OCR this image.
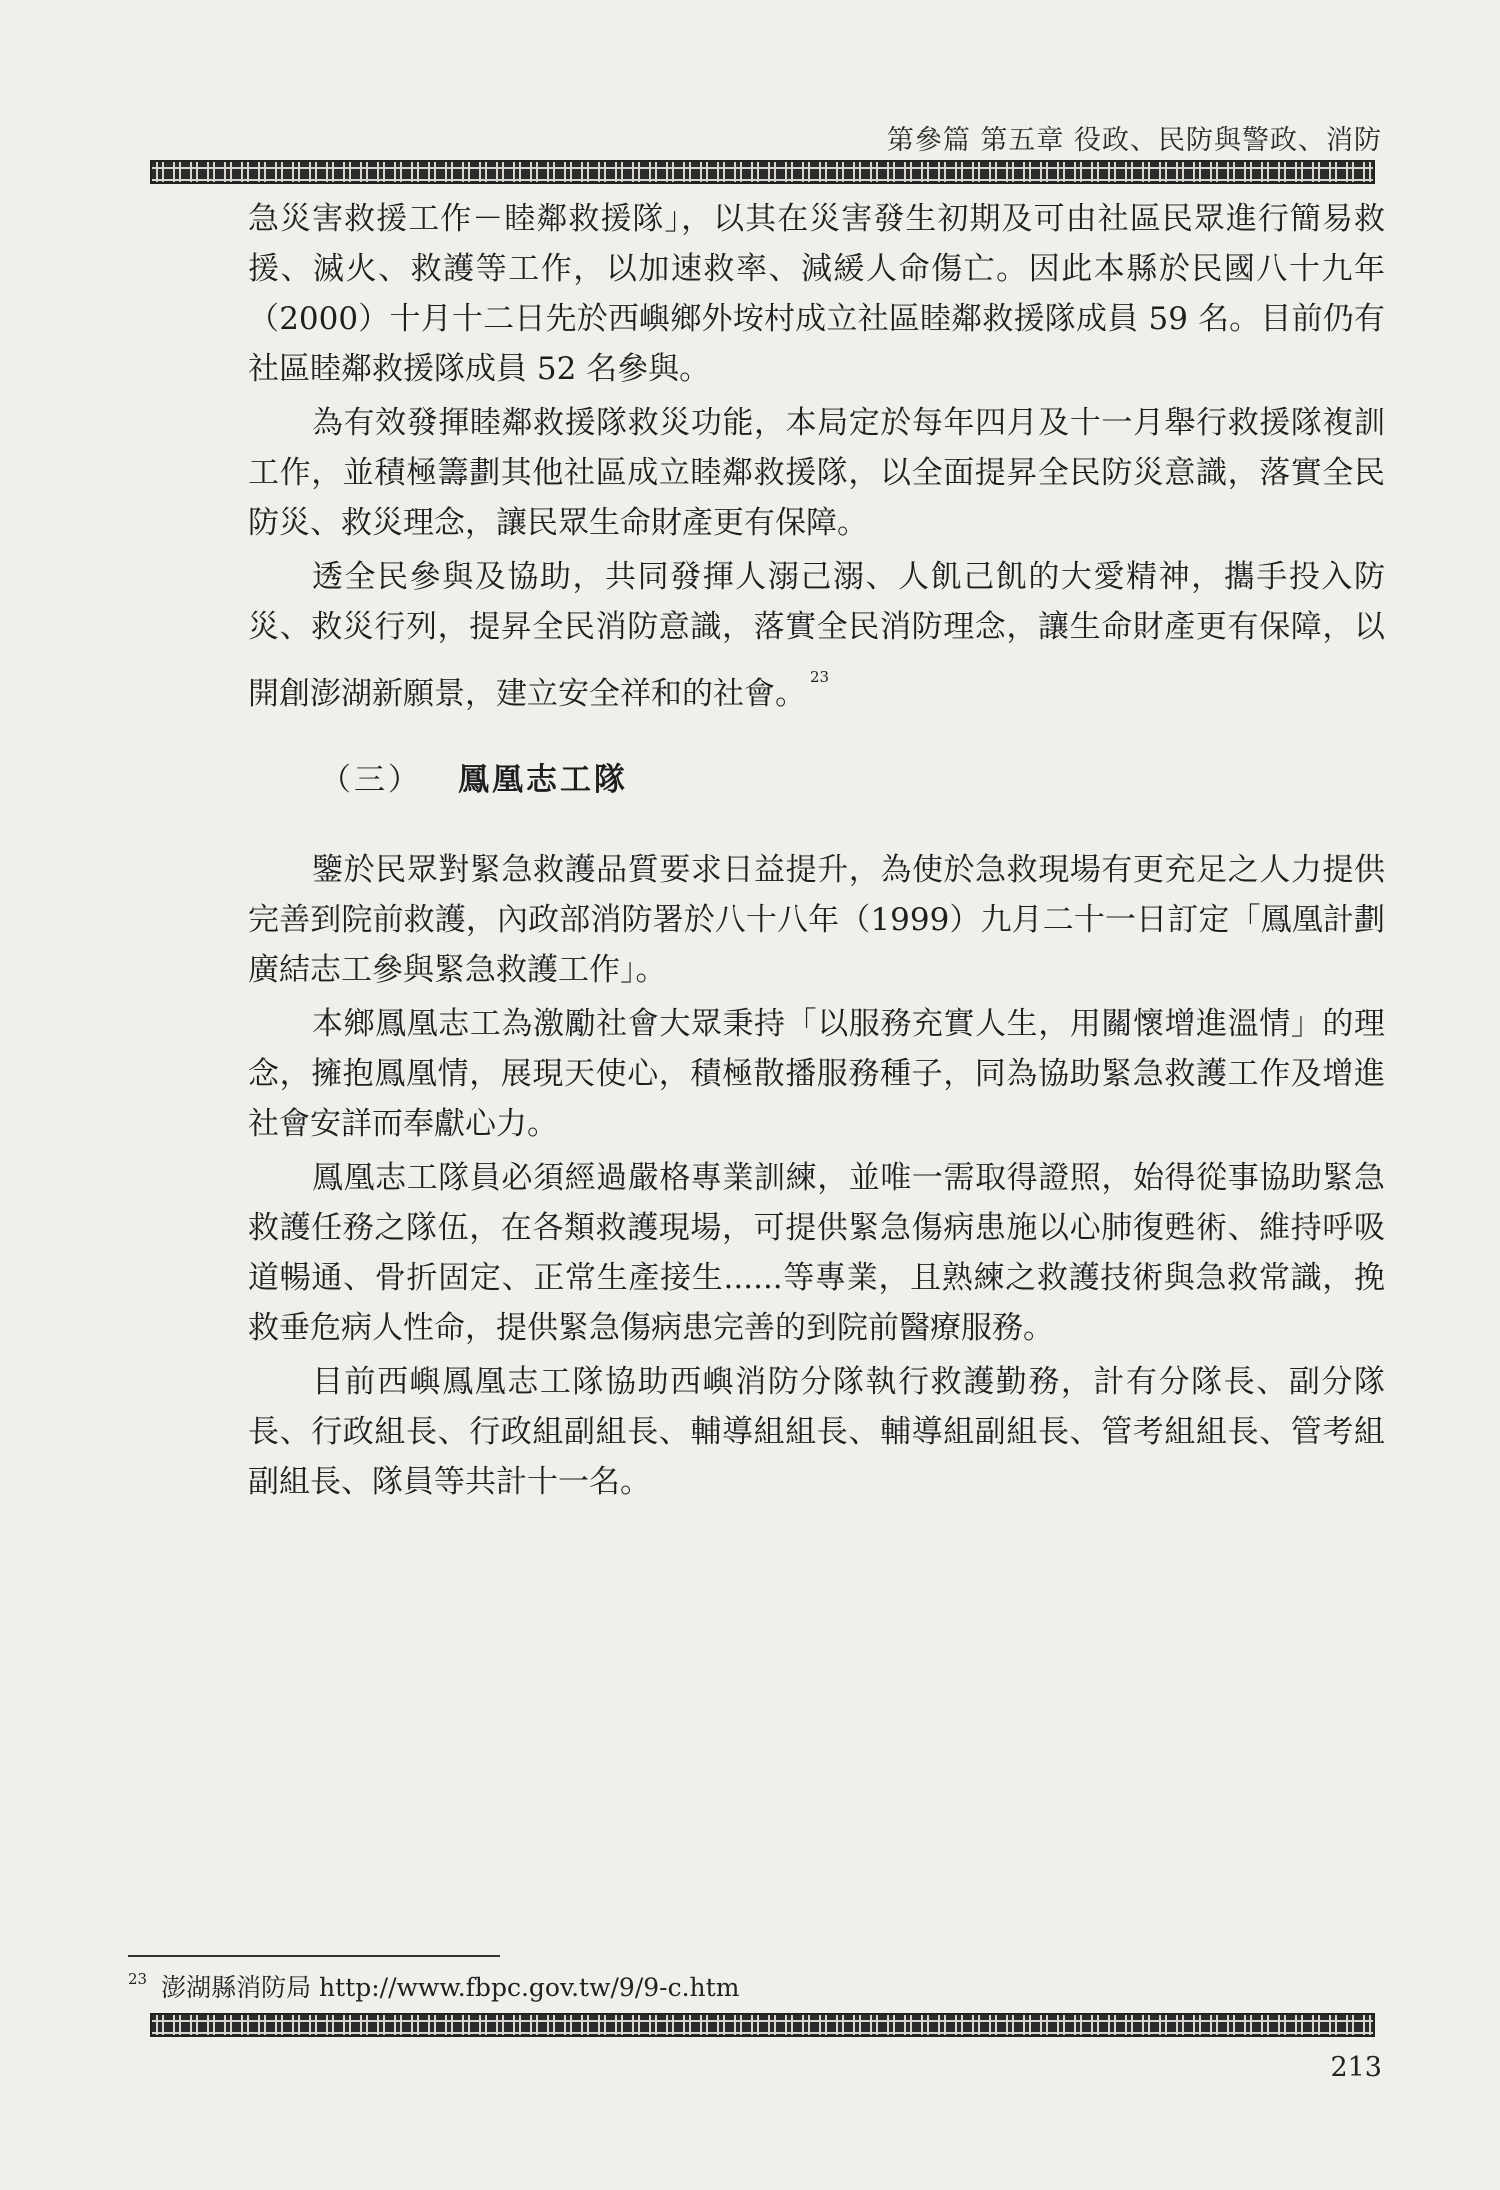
第參篇 第五章 役政、民防與警政、消防

急災害救援工作－睦鄰救援隊」，以其在災害發生初期及可由社區民眾進行簡易救援、滅火、救護等工作，以加速救率、減緩人命傷亡。因此本縣於民國八十九年（2000）十月十二日先於西嶼鄉外垵村成立社區睦鄰救援隊成員 59 名。目前仍有社區睦鄰救援隊成員 52 名參與。

為有效發揮睦鄰救援隊救災功能，本局定於每年四月及十一月舉行救援隊複訓工作，並積極籌劃其他社區成立睦鄰救援隊，以全面提昇全民防災意識，落實全民防災、救災理念，讓民眾生命財產更有保障。

透全民參與及協助，共同發揮人溺己溺、人飢己飢的大愛精神，攜手投入防災、救災行列，提昇全民消防意識，落實全民消防理念，讓生命財產更有保障，以開創澎湖新願景，建立安全祥和的社會。 $^{23}$

（三） 鳳凰志工隊

鑒於民眾對緊急救護品質要求日益提升，為使於急救現場有更充足之人力提供完善到院前救護，內政部消防署於八十八年（1999）九月二十一日訂定「鳳凰計劃廣結志工參與緊急救護工作」。

本鄉鳳凰志工為激勵社會大眾秉持「以服務充實人生，用關懷增進溫情」的理念，擁抱鳳凰情，展現天使心，積極散播服務種子，同為協助緊急救護工作及增進社會安詳而奉獻心力。

鳳凰志工隊員必須經過嚴格專業訓練，並唯一需取得證照，始得從事協助緊急救護任務之隊伍，在各類救護現場，可提供緊急傷病患施以心肺復甦術、維持呼吸道暢通、骨折固定、正常生產接生......等專業，且熟練之救護技術與急救常識，挽救垂危病人性命，提供緊急傷病患完善的到院前醫療服務。

目前西嶼鳳凰志工隊協助西嶼消防分隊執行救護勤務，計有分隊長、副分隊長、行政組長、行政組副組長、輔導組組長、輔導組副組長、管考組組長、管考組副組長、隊員等共計十一名。

$^{23}$ 澎湖縣消防局 http://www.fbpc.gov.tw/9/9-c.htm
213
